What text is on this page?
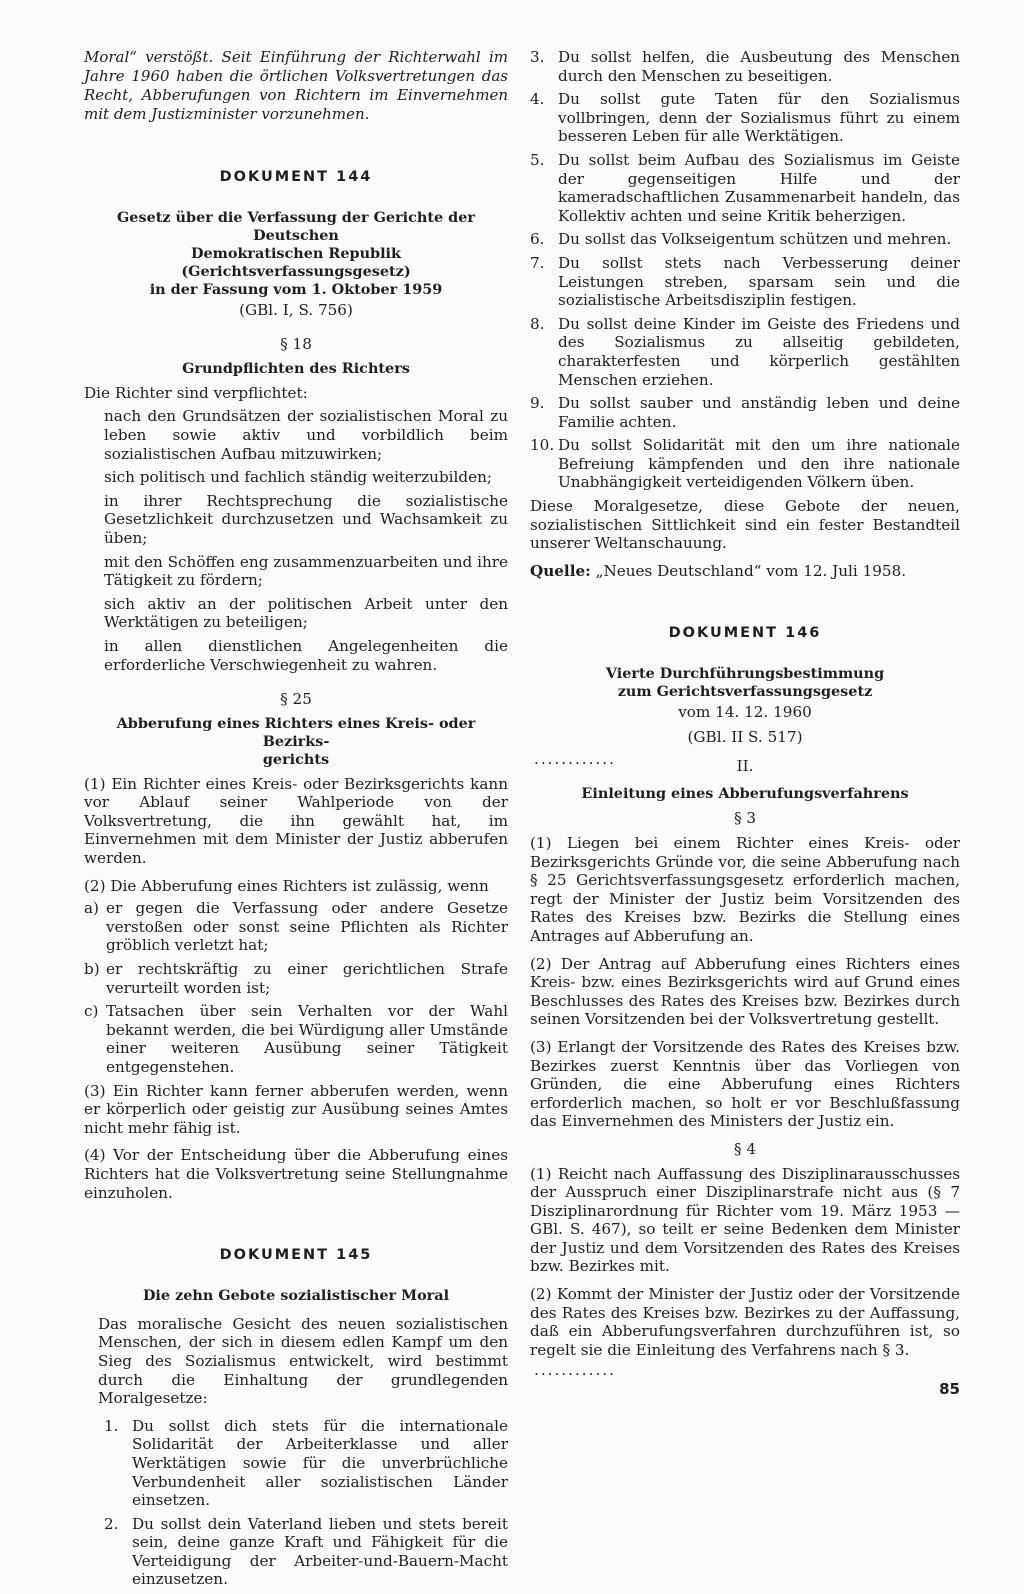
Moral“ verstößt. Seit Einführung der Richterwahl im Jahre 1960 haben die örtlichen Volksvertretungen das Recht, Abberufungen von Richtern im Einvernehmen mit dem Justizminister vorzunehmen.

DOKUMENT 144
Gesetz über die Verfassung der Gerichte der Deutschen
Demokratischen Republik (Gerichtsverfassungsgesetz)
in der Fassung vom 1. Oktober 1959
(GBl. I, S. 756)
§ 18
Grundpflichten des Richters

Die Richter sind verpflichtet:

nach den Grundsätzen der sozialistischen Moral zu leben sowie aktiv und vorbildlich beim sozialistischen Aufbau mitzuwirken;
sich politisch und fachlich ständig weiterzubilden;
in ihrer Rechtsprechung die sozialistische Gesetzlichkeit durchzusetzen und Wachsamkeit zu üben;
mit den Schöffen eng zusammenzuarbeiten und ihre Tätigkeit zu fördern;
sich aktiv an der politischen Arbeit unter den Werktätigen zu beteiligen;
in allen dienstlichen Angelegenheiten die erforderliche Verschwiegenheit zu wahren.
§ 25
Abberufung eines Richters eines Kreis- oder Bezirks-
gerichts

(1) Ein Richter eines Kreis- oder Bezirksgerichts kann vor Ablauf seiner Wahlperiode von der Volksvertretung, die ihn gewählt hat, im Einvernehmen mit dem Minister der Justiz abberufen werden.

(2) Die Abberufung eines Richters ist zulässig, wenn

a) er gegen die Verfassung oder andere Gesetze verstoßen oder sonst seine Pflichten als Richter gröblich verletzt hat;
b) er rechtskräftig zu einer gerichtlichen Strafe verurteilt worden ist;
c) Tatsachen über sein Verhalten vor der Wahl bekannt werden, die bei Würdigung aller Umstände einer weiteren Ausübung seiner Tätigkeit entgegenstehen.

(3) Ein Richter kann ferner abberufen werden, wenn er körperlich oder geistig zur Ausübung seines Amtes nicht mehr fähig ist.

(4) Vor der Entscheidung über die Abberufung eines Richters hat die Volksvertretung seine Stellungnahme einzuholen.

DOKUMENT 145
Die zehn Gebote sozialistischer Moral

Das moralische Gesicht des neuen sozialistischen Menschen, der sich in diesem edlen Kampf um den Sieg des Sozialismus entwickelt, wird bestimmt durch die Einhaltung der grundlegenden Moralgesetze:

1. Du sollst dich stets für die internationale Solidarität der Arbeiterklasse und aller Werktätigen sowie für die unverbrüchliche Verbundenheit aller sozialistischen Länder einsetzen.
2. Du sollst dein Vaterland lieben und stets bereit sein, deine ganze Kraft und Fähigkeit für die Verteidigung der Arbeiter-und-Bauern-Macht einzusetzen.
3. Du sollst helfen, die Ausbeutung des Menschen durch den Menschen zu beseitigen.
4. Du sollst gute Taten für den Sozialismus vollbringen, denn der Sozialismus führt zu einem besseren Leben für alle Werktätigen.
5. Du sollst beim Aufbau des Sozialismus im Geiste der gegenseitigen Hilfe und der kameradschaftlichen Zusammenarbeit handeln, das Kollektiv achten und seine Kritik beherzigen.
6. Du sollst das Volkseigentum schützen und mehren.
7. Du sollst stets nach Verbesserung deiner Leistungen streben, sparsam sein und die sozialistische Arbeitsdisziplin festigen.
8. Du sollst deine Kinder im Geiste des Friedens und des Sozialismus zu allseitig gebildeten, charakterfesten und körperlich gestählten Menschen erziehen.
9. Du sollst sauber und anständig leben und deine Familie achten.
10. Du sollst Solidarität mit den um ihre nationale Befreiung kämpfenden und den ihre nationale Unabhängigkeit verteidigenden Völkern üben.

Diese Moralgesetze, diese Gebote der neuen, sozialistischen Sittlichkeit sind ein fester Bestandteil unserer Weltanschauung.

Quelle: „Neues Deutschland“ vom 12. Juli 1958.

DOKUMENT 146
Vierte Durchführungsbestimmung
zum Gerichtsverfassungsgesetz
vom 14. 12. 1960
(GBl. II S. 517)
............	II.
Einleitung eines Abberufungsverfahrens
§ 3

(1) Liegen bei einem Richter eines Kreis- oder Bezirksgerichts Gründe vor, die seine Abberufung nach § 25 Gerichtsverfassungsgesetz erforderlich machen, regt der Minister der Justiz beim Vorsitzenden des Rates des Kreises bzw. Bezirks die Stellung eines Antrages auf Abberufung an.

(2) Der Antrag auf Abberufung eines Richters eines Kreis- bzw. eines Bezirksgerichts wird auf Grund eines Beschlusses des Rates des Kreises bzw. Bezirkes durch seinen Vorsitzenden bei der Volksvertretung gestellt.

(3) Erlangt der Vorsitzende des Rates des Kreises bzw. Bezirkes zuerst Kenntnis über das Vorliegen von Gründen, die eine Abberufung eines Richters erforderlich machen, so holt er vor Beschlußfassung das Einvernehmen des Ministers der Justiz ein.

§ 4

(1) Reicht nach Auffassung des Disziplinarausschusses der Ausspruch einer Disziplinarstrafe nicht aus (§ 7 Disziplinarordnung für Richter vom 19. März 1953 — GBl. S. 467), so teilt er seine Bedenken dem Minister der Justiz und dem Vorsitzenden des Rates des Kreises bzw. Bezirkes mit.

(2) Kommt der Minister der Justiz oder der Vorsitzende des Rates des Kreises bzw. Bezirkes zu der Auffassung, daß ein Abberufungsverfahren durchzuführen ist, so regelt sie die Einleitung des Verfahrens nach § 3.

............
85
